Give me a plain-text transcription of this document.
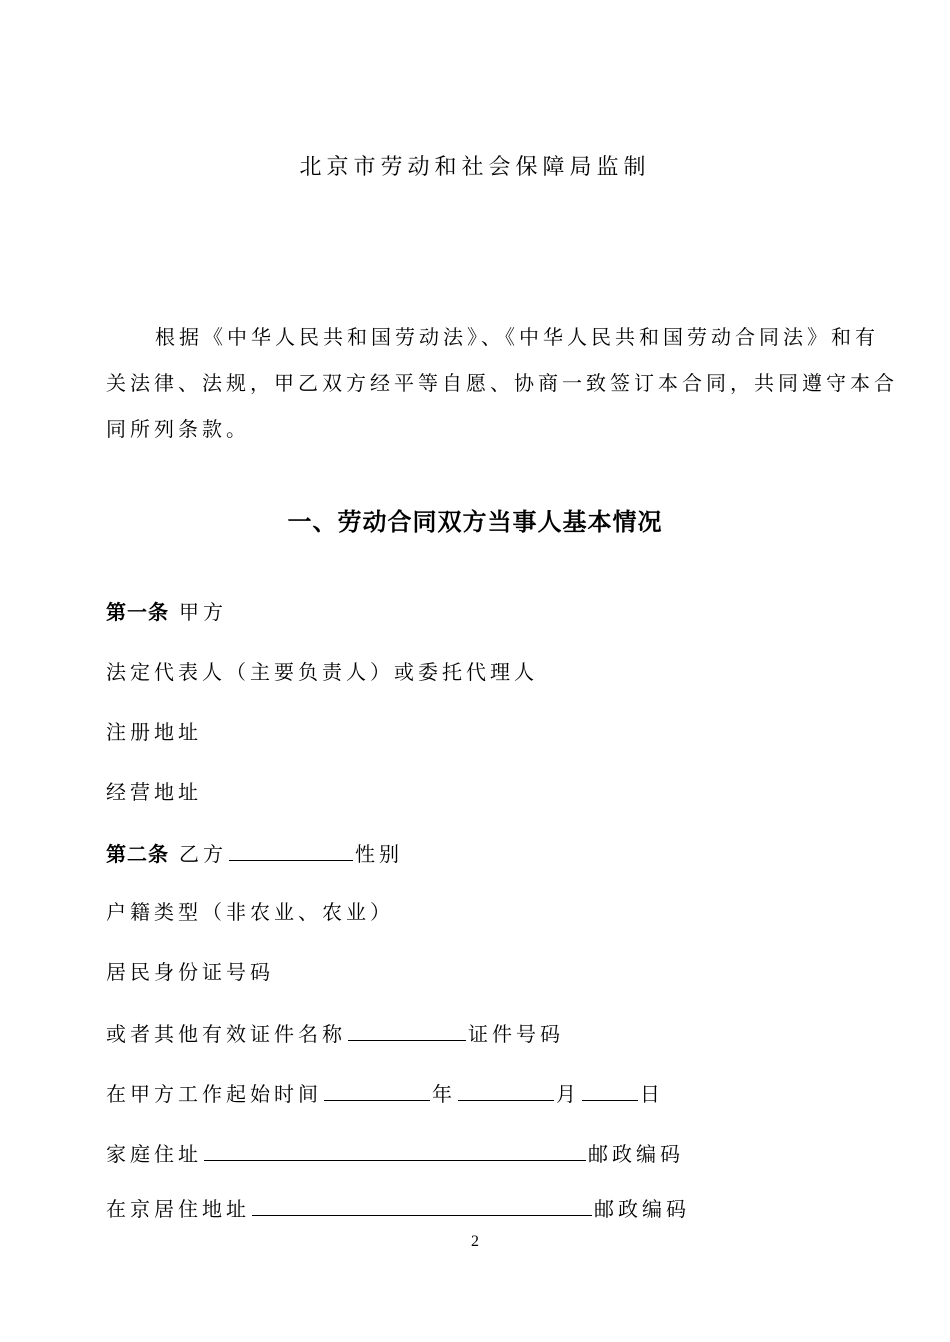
北京市劳动和社会保障局监制
根据《中华人民共和国劳动法》、《中华人民共和国劳动合同法》和有
关法律、法规，甲乙双方经平等自愿、协商一致签订本合同，共同遵守本合
同所列条款。
一、劳动合同双方当事人基本情况
第一条 甲方
法定代表人（主要负责人）或委托代理人
注册地址
经营地址
第二条 乙方	性别
户籍类型（非农业、农业）
居民身份证号码
或者其他有效证件名称	证件号码
在甲方工作起始时间	年	月	日
家庭住址	邮政编码
在京居住地址	邮政编码
2
